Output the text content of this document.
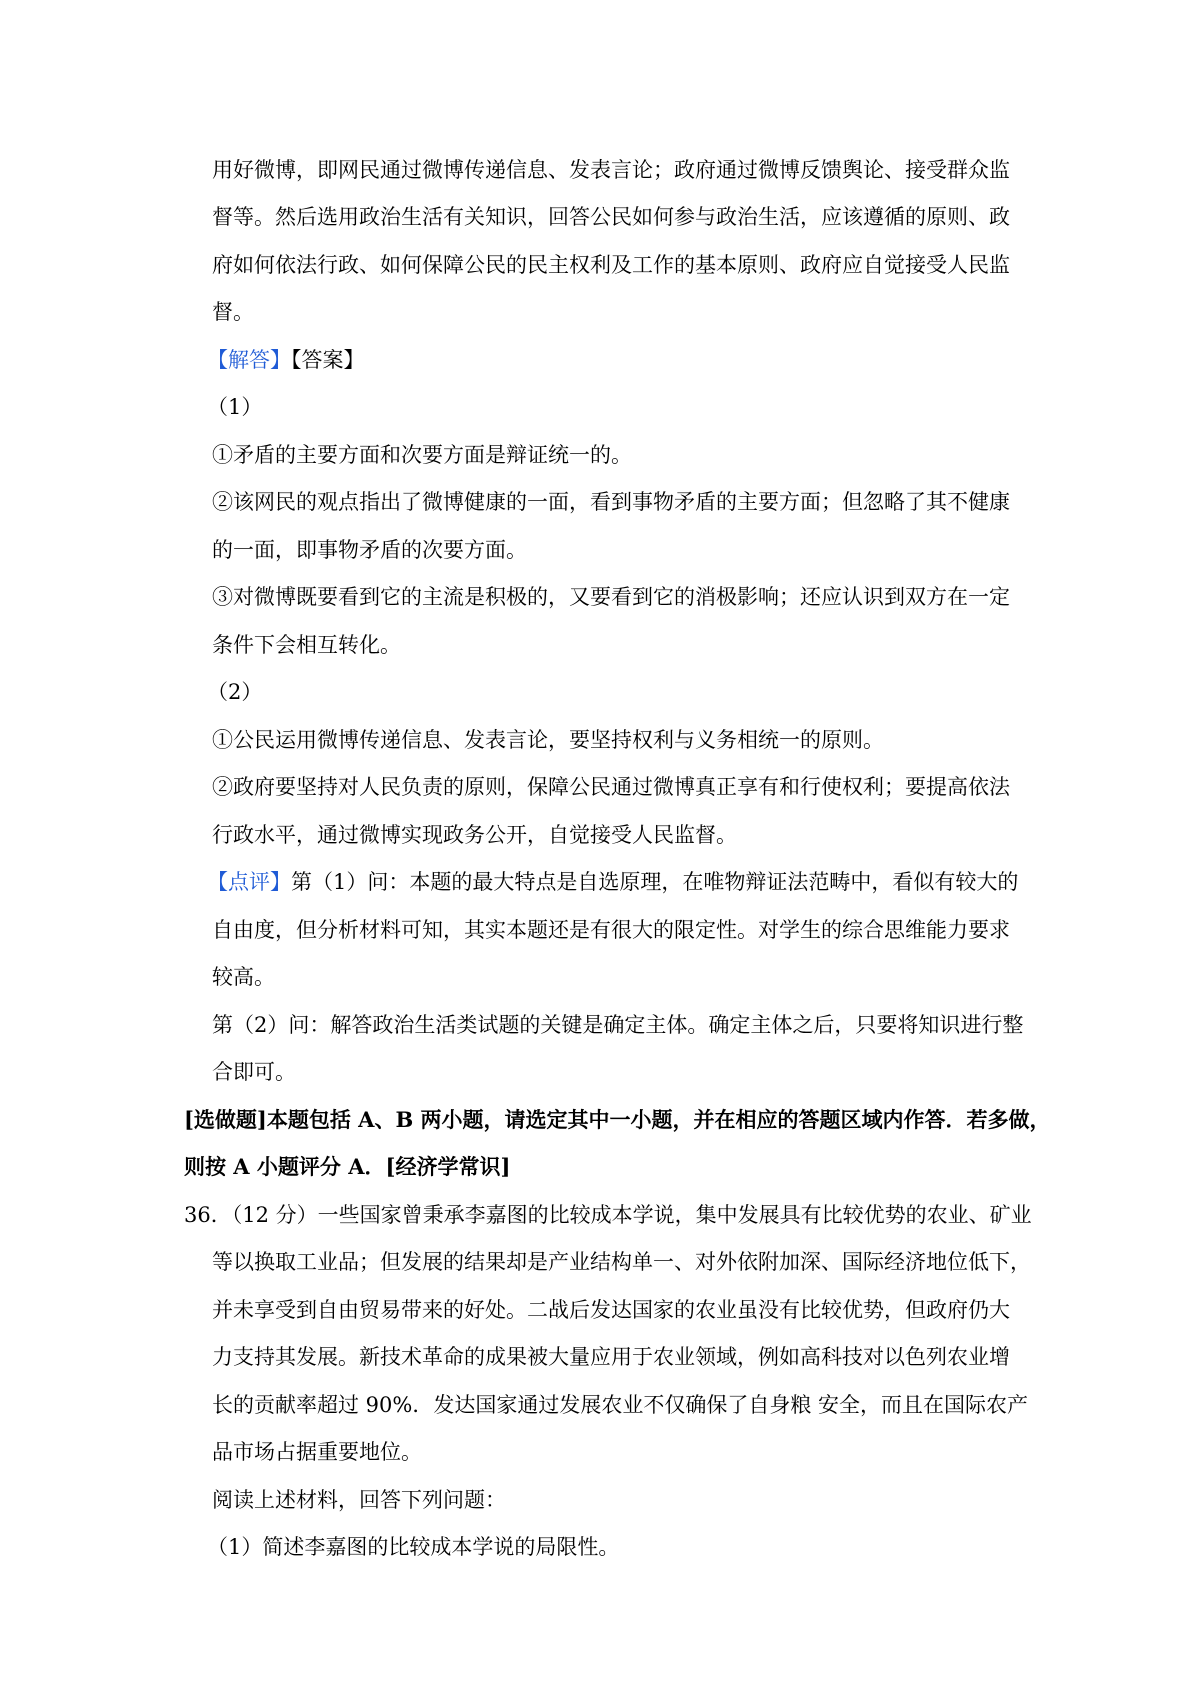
用好微博，即网民通过微博传递信息、发表言论；政府通过微博反馈舆论、接受群众监
督等。然后选用政治生活有关知识，回答公民如何参与政治生活，应该遵循的原则、政
府如何依法行政、如何保障公民的民主权利及工作的基本原则、政府应自觉接受人民监
督。
【解答】【答案】
（1）
①矛盾的主要方面和次要方面是辩证统一的。
②该网民的观点指出了微博健康的一面，看到事物矛盾的主要方面；但忽略了其不健康
的一面，即事物矛盾的次要方面。
③对微博既要看到它的主流是积极的，又要看到它的消极影响；还应认识到双方在一定
条件下会相互转化。
（2）
①公民运用微博传递信息、发表言论，要坚持权利与义务相统一的原则。
②政府要坚持对人民负责的原则，保障公民通过微博真正享有和行使权利；要提高依法
行政水平，通过微博实现政务公开，自觉接受人民监督。
【点评】第（1）问：本题的最大特点是自选原理，在唯物辩证法范畴中，看似有较大的
自由度，但分析材料可知，其实本题还是有很大的限定性。对学生的综合思维能力要求
较高。
第（2）问：解答政治生活类试题的关键是确定主体。确定主体之后，只要将知识进行整
合即可。
[选做题]本题包括 A、B 两小题，请选定其中一小题，并在相应的答题区域内作答．若多做，
则按 A 小题评分 A．[经济学常识]
36．（12 分）一些国家曾秉承李嘉图的比较成本学说，集中发展具有比较优势的农业、矿业
等以换取工业品；但发展的结果却是产业结构单一、对外依附加深、国际经济地位低下，
并未享受到自由贸易带来的好处。二战后发达国家的农业虽没有比较优势，但政府仍大
力支持其发展。新技术革命的成果被大量应用于农业领域，例如高科技对以色列农业增
长的贡献率超过 90%．发达国家通过发展农业不仅确保了自身粮 安全，而且在国际农产
品市场占据重要地位。
阅读上述材料，回答下列问题：
（1）简述李嘉图的比较成本学说的局限性。
